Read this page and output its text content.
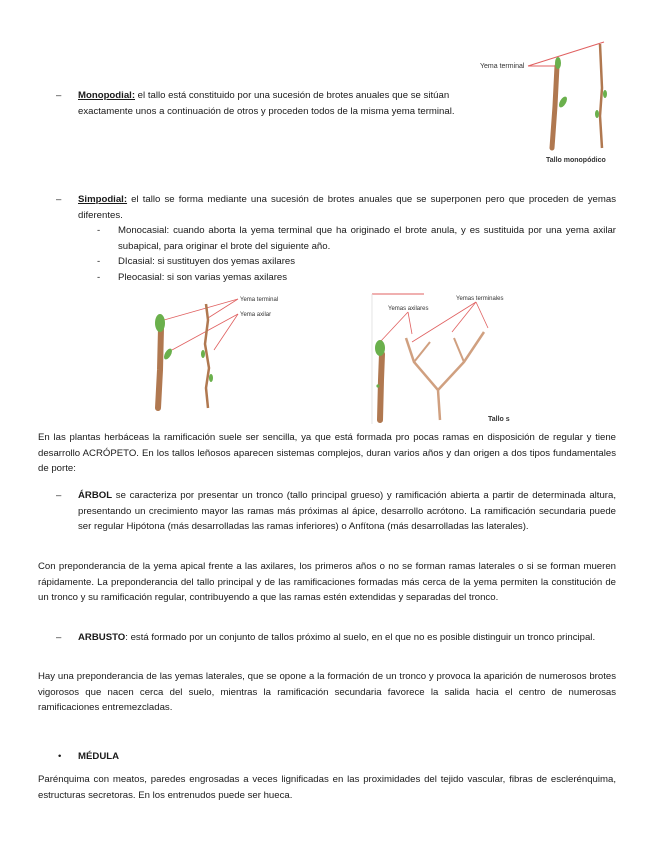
– Monopodial: el tallo está constituido por una sucesión de brotes anuales que se sitúan exactamente unos a continuación de otros y proceden todos de la misma yema terminal.
Yema terminal
Tallo monopódico
– Simpodial: el tallo se forma mediante una sucesión de brotes anuales que se superponen pero que proceden de yemas diferentes.
- Monocasial: cuando aborta la yema terminal que ha originado el brote anula, y es sustituida por una yema axilar subapical, para originar el brote del siguiente año.
- DIcasial: si sustituyen dos yemas axilares
- Pleocasial: si son varias yemas axilares
Yema terminal
Yema axilar
Yemas axilares
Yemas terminales
Tallo s
En las plantas herbáceas la ramificación suele ser sencilla, ya que está formada pro pocas ramas en disposición de regular y tiene desarrollo ACRÓPETO. En los tallos leñosos aparecen sistemas complejos, duran varios años y dan origen a dos tipos fundamentales de porte:
– ÁRBOL se caracteriza por presentar un tronco (tallo principal grueso) y ramificación abierta a partir de determinada altura, presentando un crecimiento mayor las ramas más próximas al ápice, desarrollo acrótono. La ramificación secundaria puede ser regular Hipótona (más desarrolladas las ramas inferiores) o Anfítona (más desarrolladas las laterales).
Con preponderancia de la yema apical frente a las axilares, los primeros años o no se forman ramas laterales o si se forman mueren rápidamente. La preponderancia del tallo principal y de las ramificaciones formadas más cerca de la yema permiten la constitución de un tronco y su ramificación regular, contribuyendo a que las ramas estén extendidas y separadas del tronco.
– ARBUSTO: está formado por un conjunto de tallos próximo al suelo, en el que no es posible distinguir un tronco principal.
Hay una preponderancia de las yemas laterales, que se opone a la formación de un tronco y provoca la aparición de numerosos brotes vigorosos que nacen cerca del suelo, mientras la ramificación secundaria favorece la salida hacia el centro de numerosas ramificaciones entremezcladas.
• MÉDULA
Parénquima con meatos, paredes engrosadas a veces lignificadas en las proximidades del tejido vascular, fibras de esclerénquima, estructuras secretoras. En los entrenudos puede ser hueca.
